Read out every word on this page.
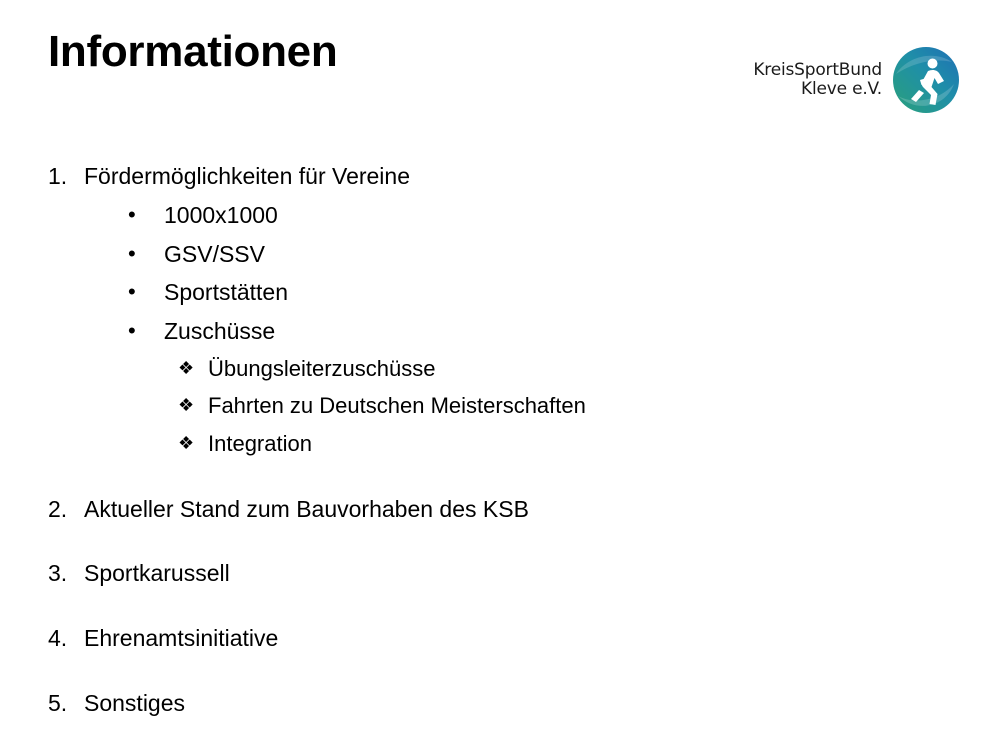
Informationen	KreisSportBund
Kleve e.V.
1. Fördermöglichkeiten für Vereine
•	1000x1000
•	GSV/SSV
•	Sportstätten
•	Zuschüsse
❖ Übungsleiterzuschüsse
❖ Fahrten zu Deutschen Meisterschaften
❖ Integration
2. Aktueller Stand zum Bauvorhaben des KSB
3. Sportkarussell
4. Ehrenamtsinitiative
5. Sonstiges
